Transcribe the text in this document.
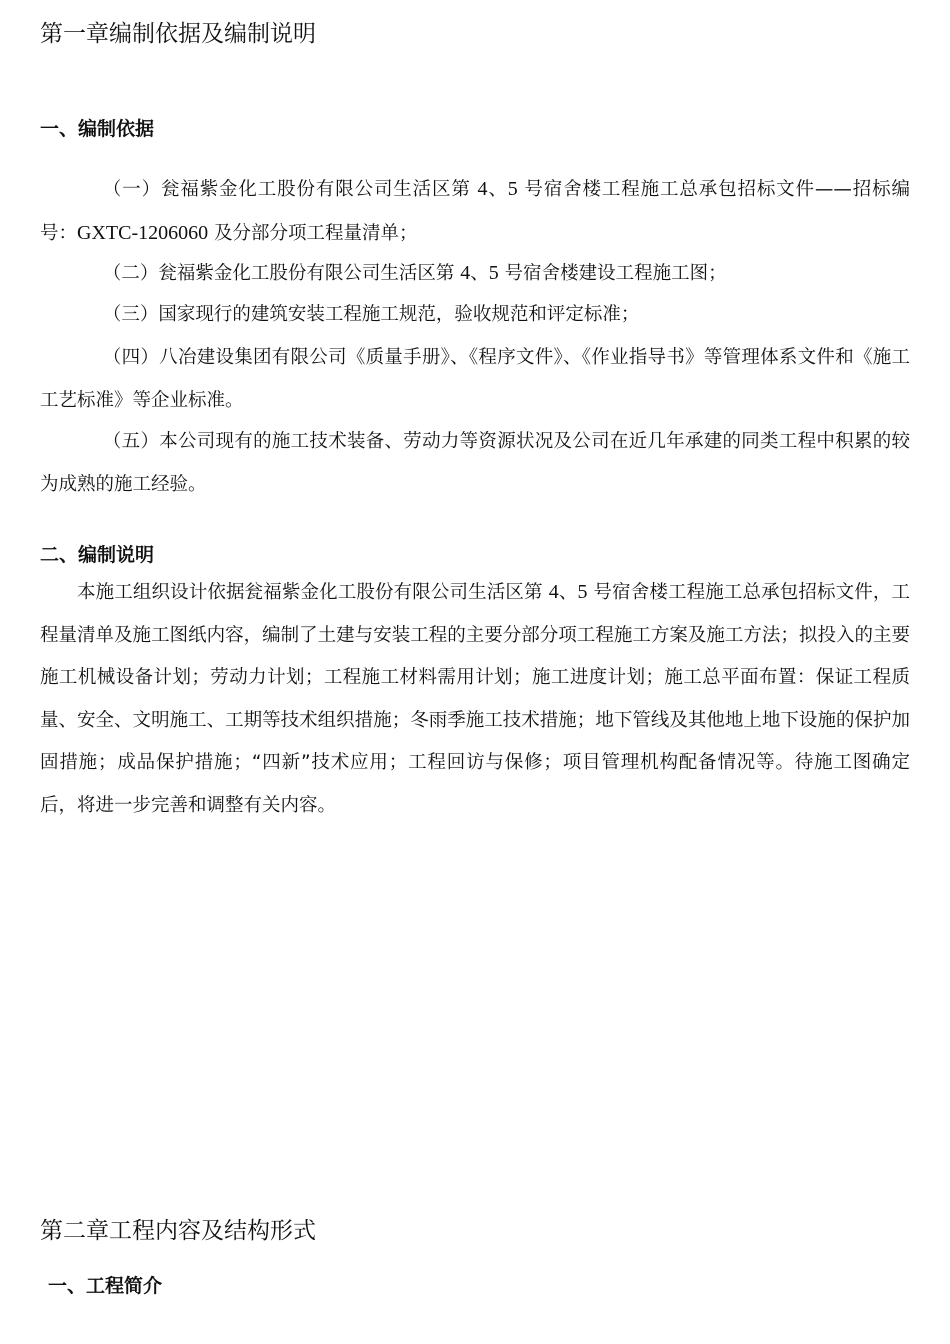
第一章编制依据及编制说明
一、编制依据

（一）瓮福紫金化工股份有限公司生活区第 4、5 号宿舍楼工程施工总承包招标文件——招标编号：GXTC-1206060 及分部分项工程量清单；

（二）瓮福紫金化工股份有限公司生活区第 4、5 号宿舍楼建设工程施工图；

（三）国家现行的建筑安装工程施工规范，验收规范和评定标准；

（四）八冶建设集团有限公司《质量手册》、《程序文件》、《作业指导书》等管理体系文件和《施工工艺标准》等企业标准。

（五）本公司现有的施工技术装备、劳动力等资源状况及公司在近几年承建的同类工程中积累的较为成熟的施工经验。

二、编制说明

本施工组织设计依据瓮福紫金化工股份有限公司生活区第 4、5 号宿舍楼工程施工总承包招标文件，工程量清单及施工图纸内容，编制了土建与安装工程的主要分部分项工程施工方案及施工方法；拟投入的主要施工机械设备计划；劳动力计划；工程施工材料需用计划；施工进度计划；施工总平面布置：保证工程质量、安全、文明施工、工期等技术组织措施；冬雨季施工技术措施；地下管线及其他地上地下设施的保护加固措施；成品保护措施；“四新”技术应用；工程回访与保修；项目管理机构配备情况等。待施工图确定后，将进一步完善和调整有关内容。

第二章工程内容及结构形式
一、工程简介
